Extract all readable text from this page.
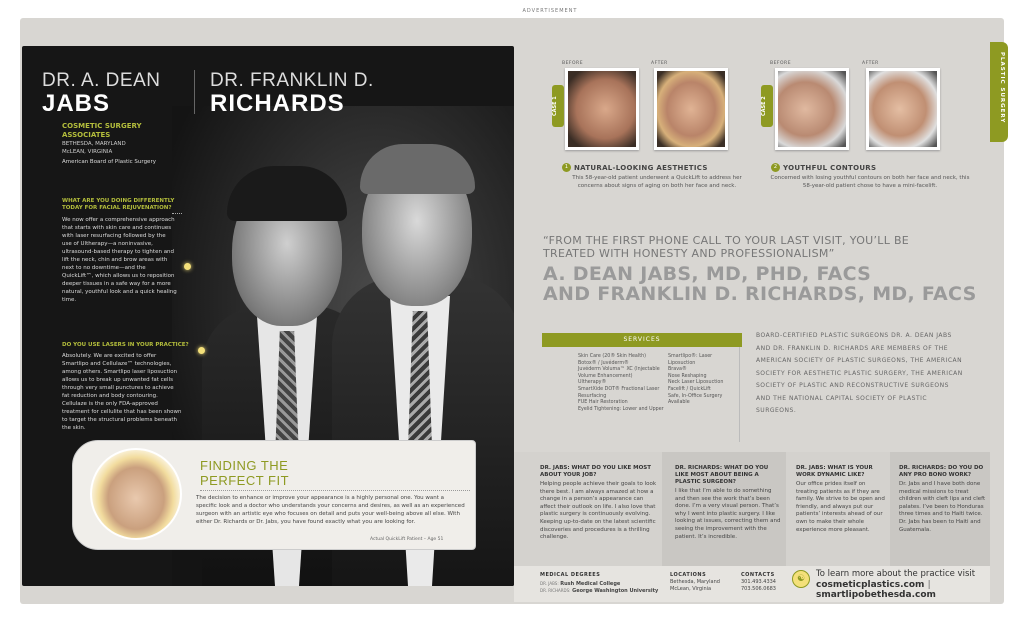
ADVERTISEMENT
DR. A. DEAN
JABS
DR. FRANKLIN D.
RICHARDS
COSMETIC SURGERY ASSOCIATES
BETHESDA, MARYLAND
McLEAN, VIRGINIA
American Board of Plastic Surgery
WHAT ARE YOU DOING DIFFERENTLY TODAY FOR FACIAL REJUVENATION?
We now offer a comprehensive approach that starts with skin care and continues with laser resurfacing followed by the use of Ultherapy—a noninvasive, ultrasound-based therapy to tighten and lift the neck, chin and brow areas with next to no downtime—and the QuickLift™, which allows us to reposition deeper tissues in a safe way for a more natural, youthful look and a quick healing time.
DO YOU USE LASERS IN YOUR PRACTICE?
Absolutely. We are excited to offer Smartlipo and Cellulaze™ technologies, among others. Smartlipo laser liposuction allows us to break up unwanted fat cells through very small punctures to achieve fat reduction and body contouring. Cellulaze is the only FDA-approved treatment for cellulite that has been shown to target the structural problems beneath the skin.
FINDING THE
PERFECT FIT
The decision to enhance or improve your appearance is a highly personal one. You want a specific look and a doctor who understands your concerns and desires, as well as an experienced surgeon with an artistic eye who focuses on detail and puts your well-being above all else. With either Dr. Richards or Dr. Jabs, you have found exactly what you are looking for.
Actual QuickLift Patient – Age 51
PLASTIC SURGERY
BEFORE	AFTER
CASE 1
1 NATURAL-LOOKING AESTHETICS
This 58-year-old patient underwent a QuickLift to address her concerns about signs of aging on both her face and neck.
BEFORE	AFTER
CASE 2
2 YOUTHFUL CONTOURS
Concerned with losing youthful contours on both her face and neck, this 58-year-old patient chose to have a mini-facelift.
“FROM THE FIRST PHONE CALL TO YOUR LAST VISIT, YOU’LL BE TREATED WITH HONESTY AND PROFESSIONALISM”
A. DEAN JABS, MD, PHD, FACS
AND FRANKLIN D. RICHARDS, MD, FACS
SERVICES
Skin Care (20® Skin Health)
Botox® / Juvéderm®
Juvéderm Voluma™ XC (Injectable Volume Enhancement)
Ultherapy®
SmartXide DOT® Fractional Laser Resurfacing
FUE Hair Restoration
Eyelid Tightening: Lower and Upper
Smartlipo®: Laser Liposuction
Brava®
Nose Reshaping
Neck Laser Liposuction
Facelift / QuickLift
Safe, In-Office Surgery Available
BOARD-CERTIFIED PLASTIC SURGEONS DR. A. DEAN JABS AND DR. FRANKLIN D. RICHARDS ARE MEMBERS OF THE AMERICAN SOCIETY OF PLASTIC SURGEONS, THE AMERICAN SOCIETY FOR AESTHETIC PLASTIC SURGERY, THE AMERICAN SOCIETY OF PLASTIC AND RECONSTRUCTIVE SURGEONS AND THE NATIONAL CAPITAL SOCIETY OF PLASTIC SURGEONS.
DR. JABS: WHAT DO YOU LIKE MOST ABOUT YOUR JOB?
Helping people achieve their goals to look there best. I am always amazed at how a change in a person’s appearance can affect their outlook on life. I also love that plastic surgery is continuously evolving. Keeping up-to-date on the latest scientific discoveries and procedures is a thrilling challenge.
DR. RICHARDS: WHAT DO YOU LIKE MOST ABOUT BEING A PLASTIC SURGEON?
I like that I’m able to do something and then see the work that’s been done. I’m a very visual person. That’s why I went into plastic surgery. I like looking at issues, correcting them and seeing the improvement with the patient. It’s incredible.
DR. JABS: WHAT IS YOUR WORK DYNAMIC LIKE?
Our office prides itself on treating patients as if they are family. We strive to be open and friendly, and always put our patients’ interests ahead of our own to make their whole experience more pleasant.
DR. RICHARDS: DO YOU DO ANY PRO BONO WORK?
Dr. Jabs and I have both done medical missions to treat children with cleft lips and cleft palates. I’ve been to Honduras three times and to Haiti twice. Dr. Jabs has been to Haiti and Guatemala.
MEDICAL DEGREES
DR. JABS: Rush Medical College
DR. RICHARDS: George Washington University
LOCATIONS
Bethesda, Maryland
McLean, Virginia
CONTACTS
301.493.4334
703.506.0683
☯	To learn more about the practice visit
cosmeticplastics.com | smartlipobethesda.com
